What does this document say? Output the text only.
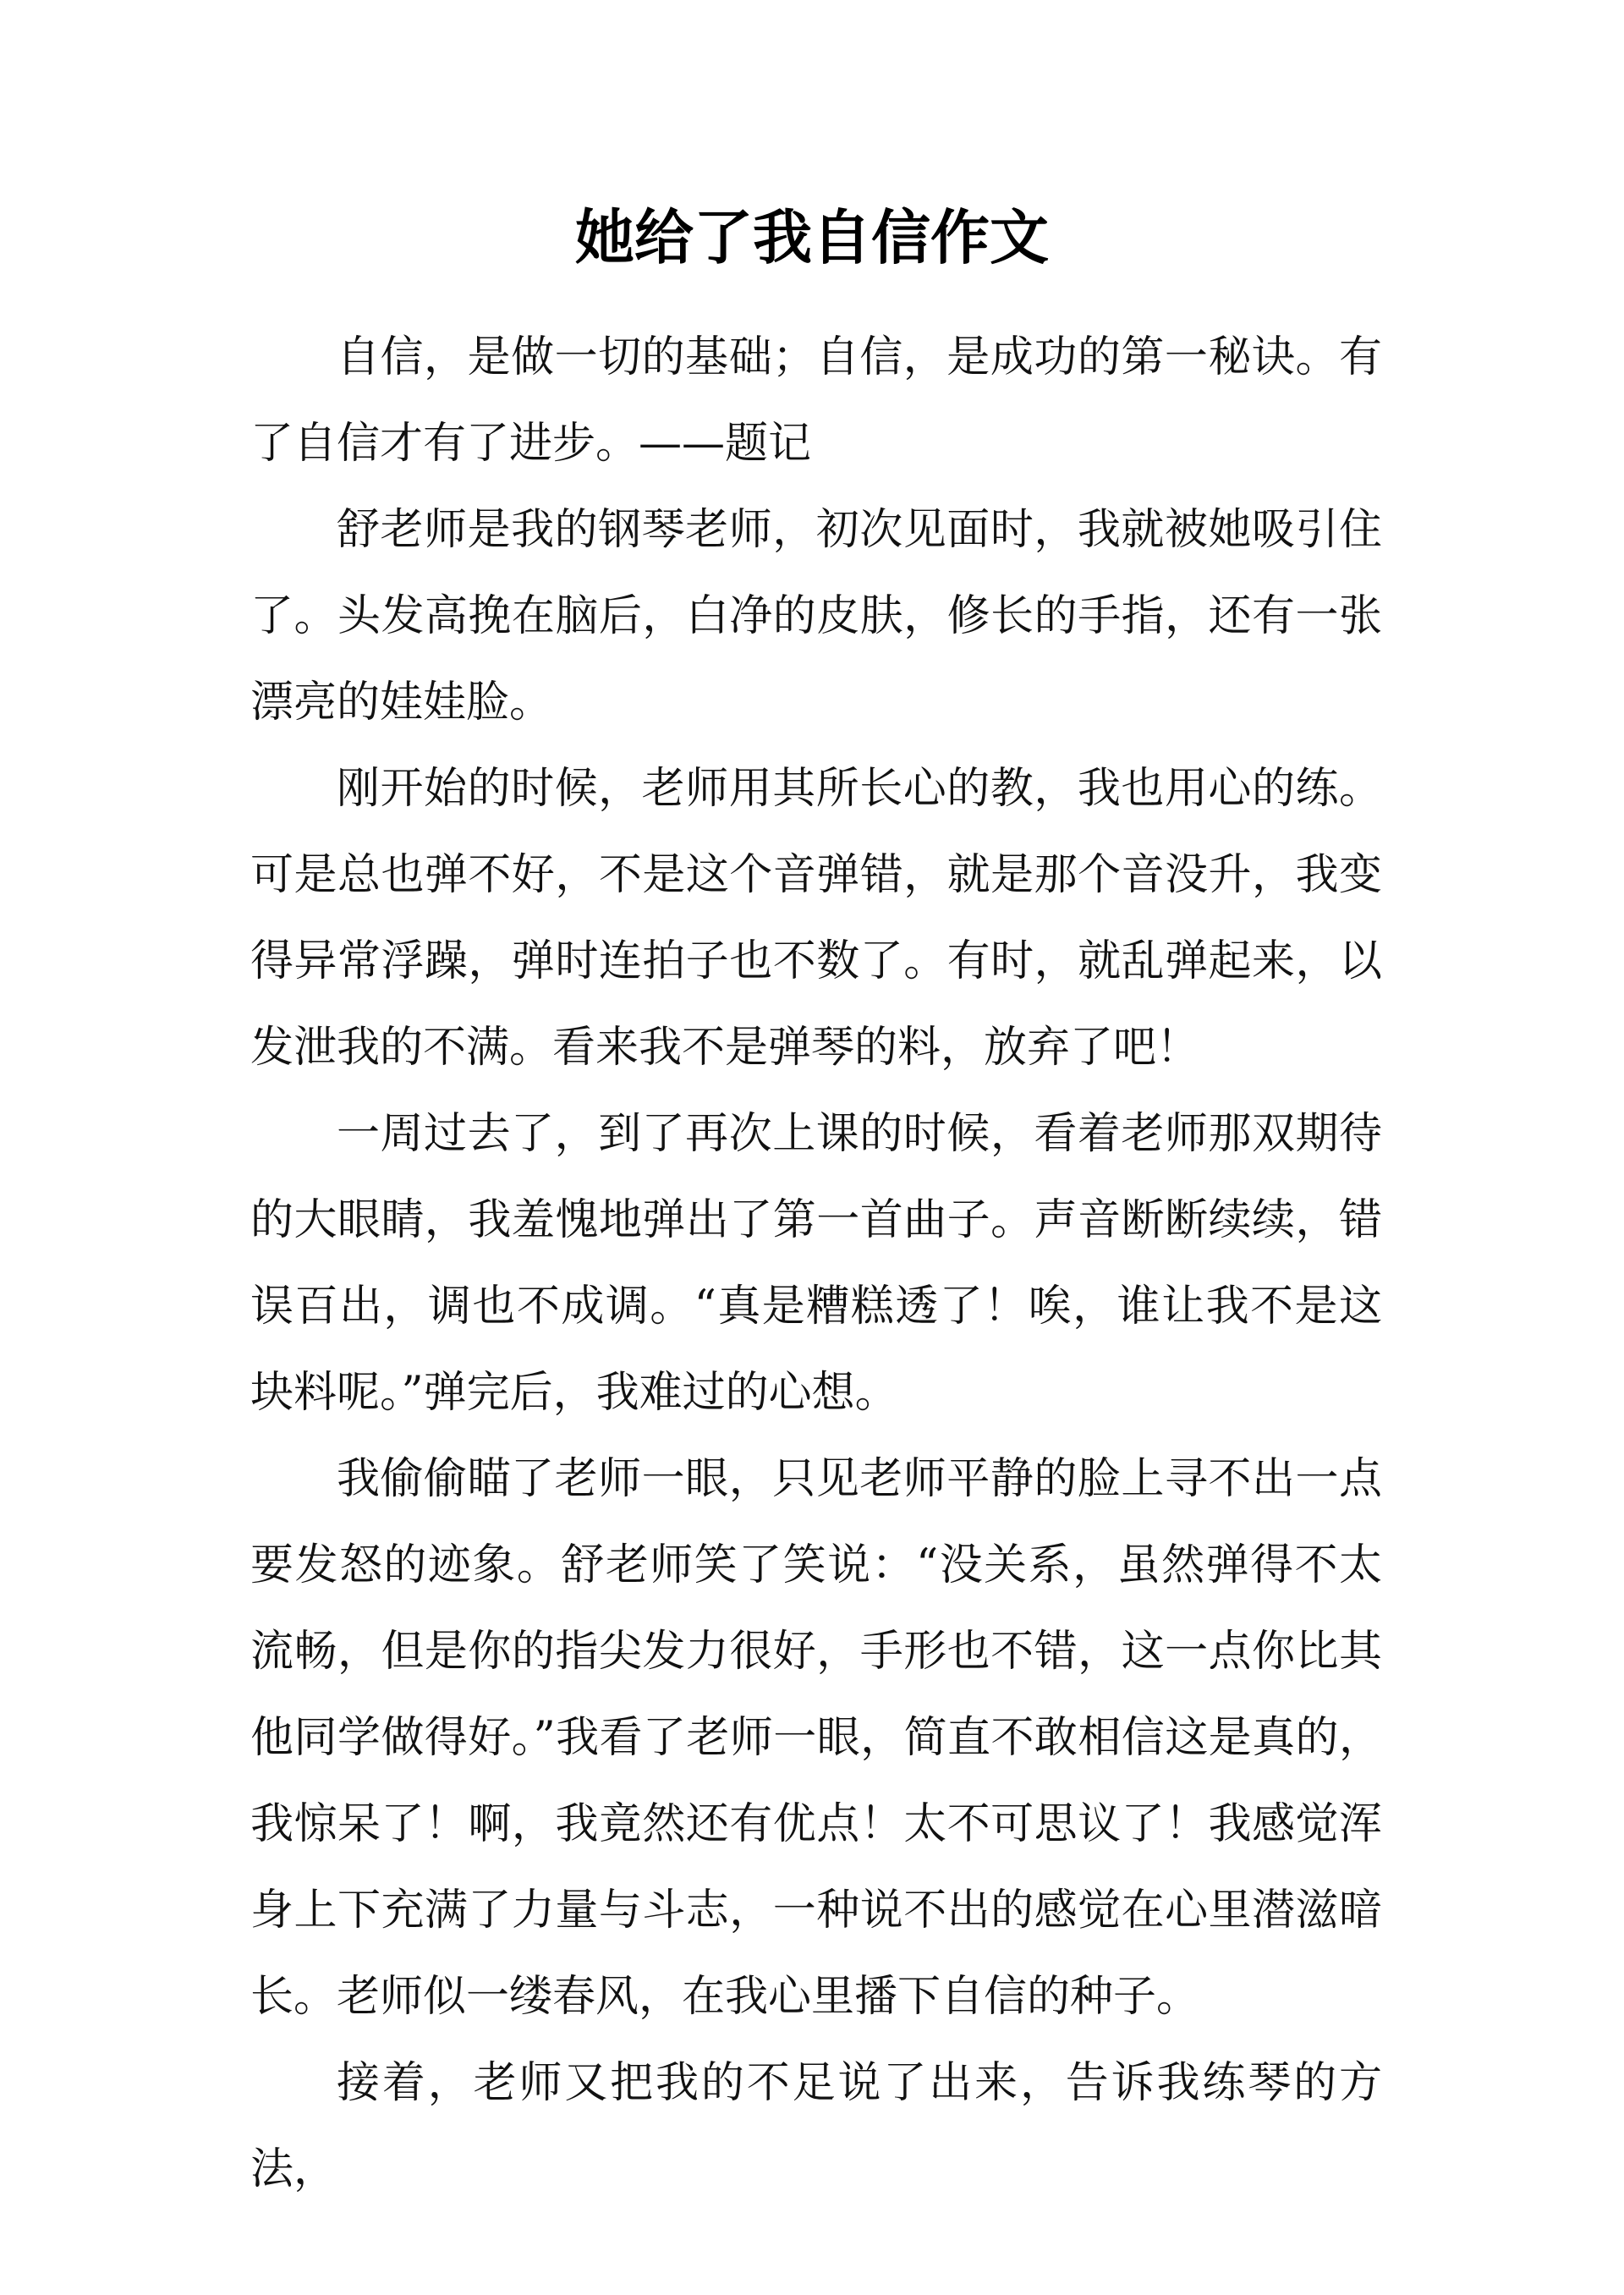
她给了我自信作文

自信，是做一切的基础；自信，是成功的第一秘诀。有了自信才有了进步。——题记

舒老师是我的钢琴老师，初次见面时，我就被她吸引住了。头发高挽在脑后，白净的皮肤，修长的手指，还有一张漂亮的娃娃脸。

刚开始的时候，老师用其所长心的教，我也用心的练。可是总也弹不好，不是这个音弹错，就是那个音没升，我变得异常浮躁，弹时连拍子也不数了。有时，就乱弹起来，以发泄我的不满。看来我不是弹琴的料，放弃了吧！

一周过去了，到了再次上课的时候，看着老师那双期待的大眼睛，我羞愧地弹出了第一首曲子。声音断断续续，错误百出，调也不成调。“真是糟糕透了！唉，谁让我不是这块料呢。”弹完后，我难过的心想。

我偷偷瞄了老师一眼，只见老师平静的脸上寻不出一点要发怒的迹象。舒老师笑了笑说：“没关系，虽然弹得不太流畅，但是你的指尖发力很好，手形也不错，这一点你比其他同学做得好。”我看了老师一眼，简直不敢相信这是真的，我惊呆了！啊，我竟然还有优点！太不可思议了！我感觉浑身上下充满了力量与斗志，一种说不出的感觉在心里潜滋暗长。老师似一缕春风，在我心里播下自信的种子。

接着，老师又把我的不足说了出来，告诉我练琴的方法，
